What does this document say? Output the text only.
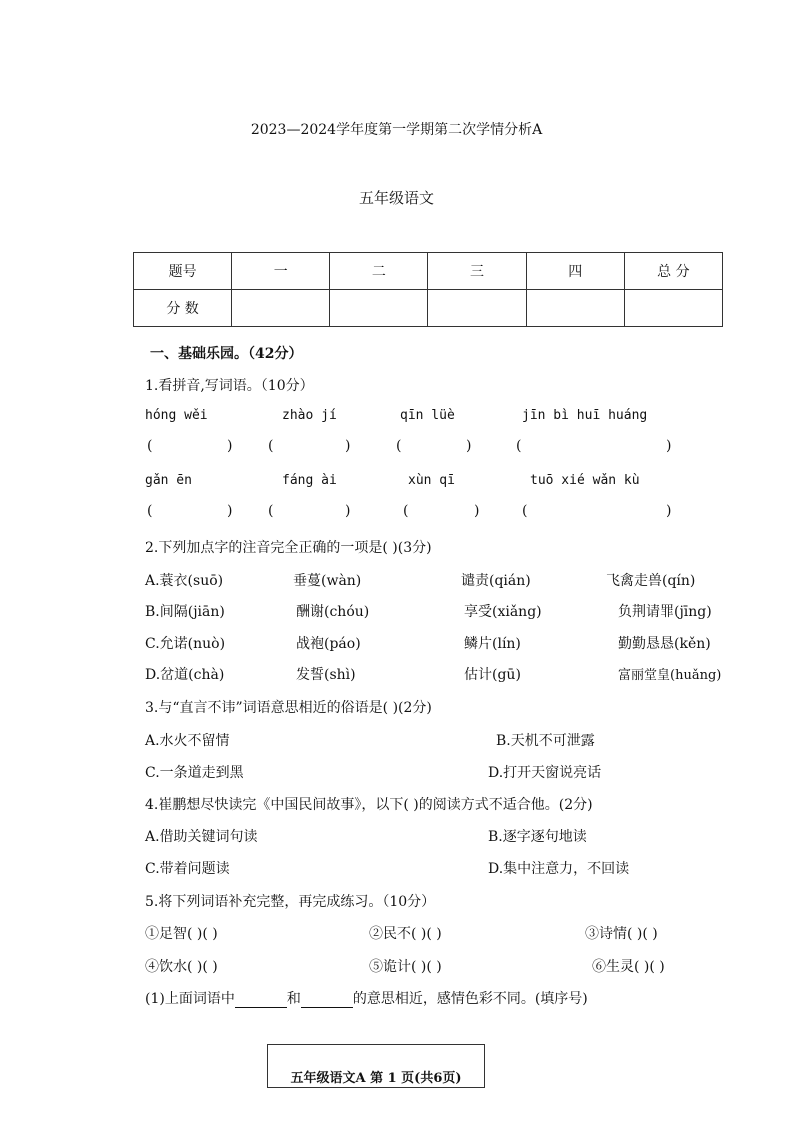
2023—2024学年度第一学期第二次学情分析A
五年级语文
题号	一	二	三	四	总 分
分 数					
一、基础乐园。（42分）
1.看拼音,写词语。（10分）
hóng wěi	zhào jí	qīn lüè	jīn bì huī huáng
(	)	(	)	(	)	(	)
gǎn ēn	fáng ài	xùn qī	tuō xié wǎn kù
(	)	(	)	(	)	(	)
2.下列加点字的注音完全正确的一项是( )(3分)
A.蓑衣(suō)	垂蔓(wàn)	谴责(qián)	飞禽走兽(qín)
B.间隔(jiān)	酬谢(chóu)	享受(xiǎng)	负荆请罪(jīng)
C.允诺(nuò)	战袍(páo)	鳞片(lín)	勤勤恳恳(kěn)
D.岔道(chà)	发誓(shì)	估计(gū)	富丽堂皇(huǎng)
3.与“直言不讳”词语意思相近的俗语是( )(2分)
A.水火不留情	B.天机不可泄露
C.一条道走到黑	D.打开天窗说亮话
4.崔鹏想尽快读完《中国民间故事》，以下( )的阅读方式不适合他。(2分)
A.借助关键词句读	B.逐字逐句地读
C.带着问题读	D.集中注意力，不回读
5.将下列词语补充完整，再完成练习。（10分）
①足智( )( )	②民不( )( )	③诗情( )( )
④饮水( )( )	⑤诡计( )( )	⑥生灵( )( )
(1)上面词语中	和	的意思相近，感情色彩不同。(填序号)
五年级语文A 第 1 页(共6页)
